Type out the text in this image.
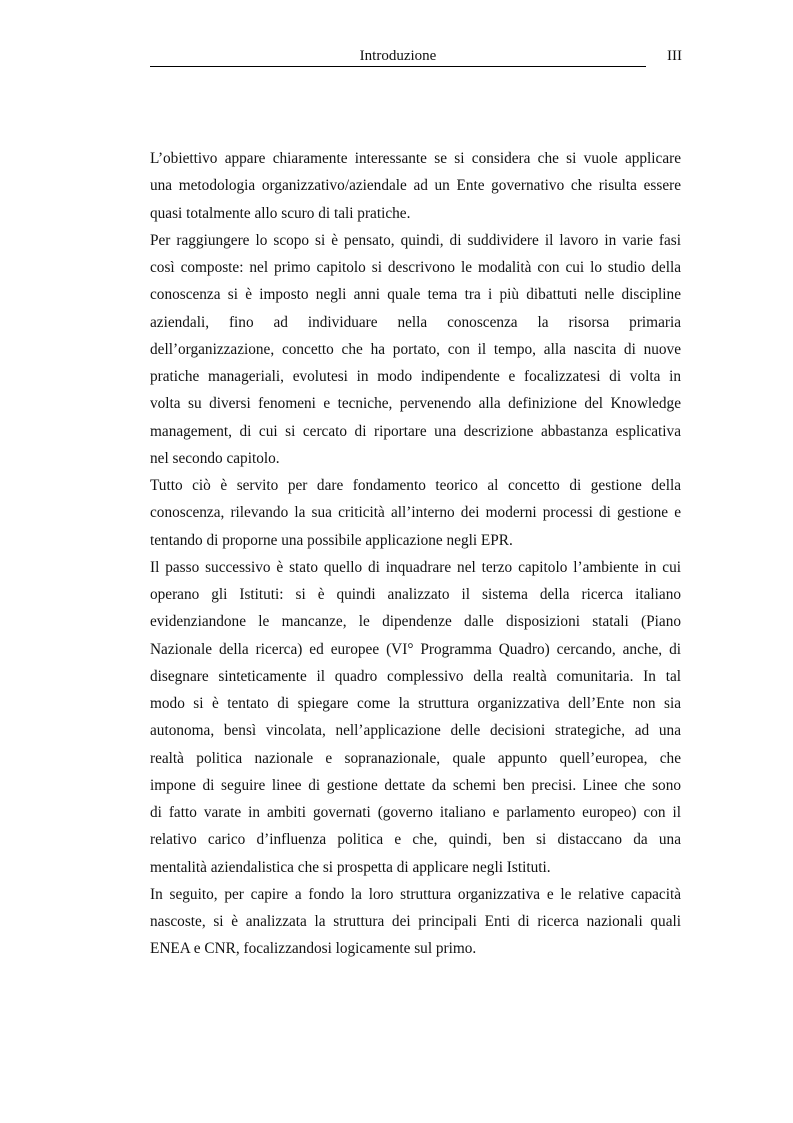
Introduzione	III
L’obiettivo appare chiaramente interessante se si considera che si vuole applicare
una metodologia organizzativo/aziendale ad un Ente governativo che risulta essere
quasi totalmente allo scuro di tali pratiche.
Per raggiungere lo scopo si è pensato, quindi, di suddividere il lavoro in varie fasi
così composte: nel primo capitolo si descrivono le modalità con cui lo studio della
conoscenza si è imposto negli anni quale tema tra i più dibattuti nelle discipline
aziendali, fino ad individuare nella conoscenza la risorsa primaria
dell’organizzazione, concetto che ha portato, con il tempo, alla nascita di nuove
pratiche manageriali, evolutesi in modo indipendente e focalizzatesi di volta in
volta su diversi fenomeni e tecniche, pervenendo alla definizione del Knowledge
management, di cui si cercato di riportare una descrizione abbastanza esplicativa
nel secondo capitolo.
Tutto ciò è servito per dare fondamento teorico al concetto di gestione della
conoscenza, rilevando la sua criticità all’interno dei moderni processi di gestione e
tentando di proporne una possibile applicazione negli EPR.
Il passo successivo è stato quello di inquadrare nel terzo capitolo l’ambiente in cui
operano gli Istituti: si è quindi analizzato il sistema della ricerca italiano
evidenziandone le mancanze, le dipendenze dalle disposizioni statali (Piano
Nazionale della ricerca) ed europee (VI° Programma Quadro) cercando, anche, di
disegnare sinteticamente il quadro complessivo della realtà comunitaria. In tal
modo si è tentato di spiegare come la struttura organizzativa dell’Ente non sia
autonoma, bensì vincolata, nell’applicazione delle decisioni strategiche, ad una
realtà politica nazionale e sopranazionale, quale appunto quell’europea, che
impone di seguire linee di gestione dettate da schemi ben precisi. Linee che sono
di fatto varate in ambiti governati (governo italiano e parlamento europeo) con il
relativo carico d’influenza politica e che, quindi, ben si distaccano da una
mentalità aziendalistica che si prospetta di applicare negli Istituti.
In seguito, per capire a fondo la loro struttura organizzativa e le relative capacità
nascoste, si è analizzata la struttura dei principali Enti di ricerca nazionali quali
ENEA e CNR, focalizzandosi logicamente sul primo.
